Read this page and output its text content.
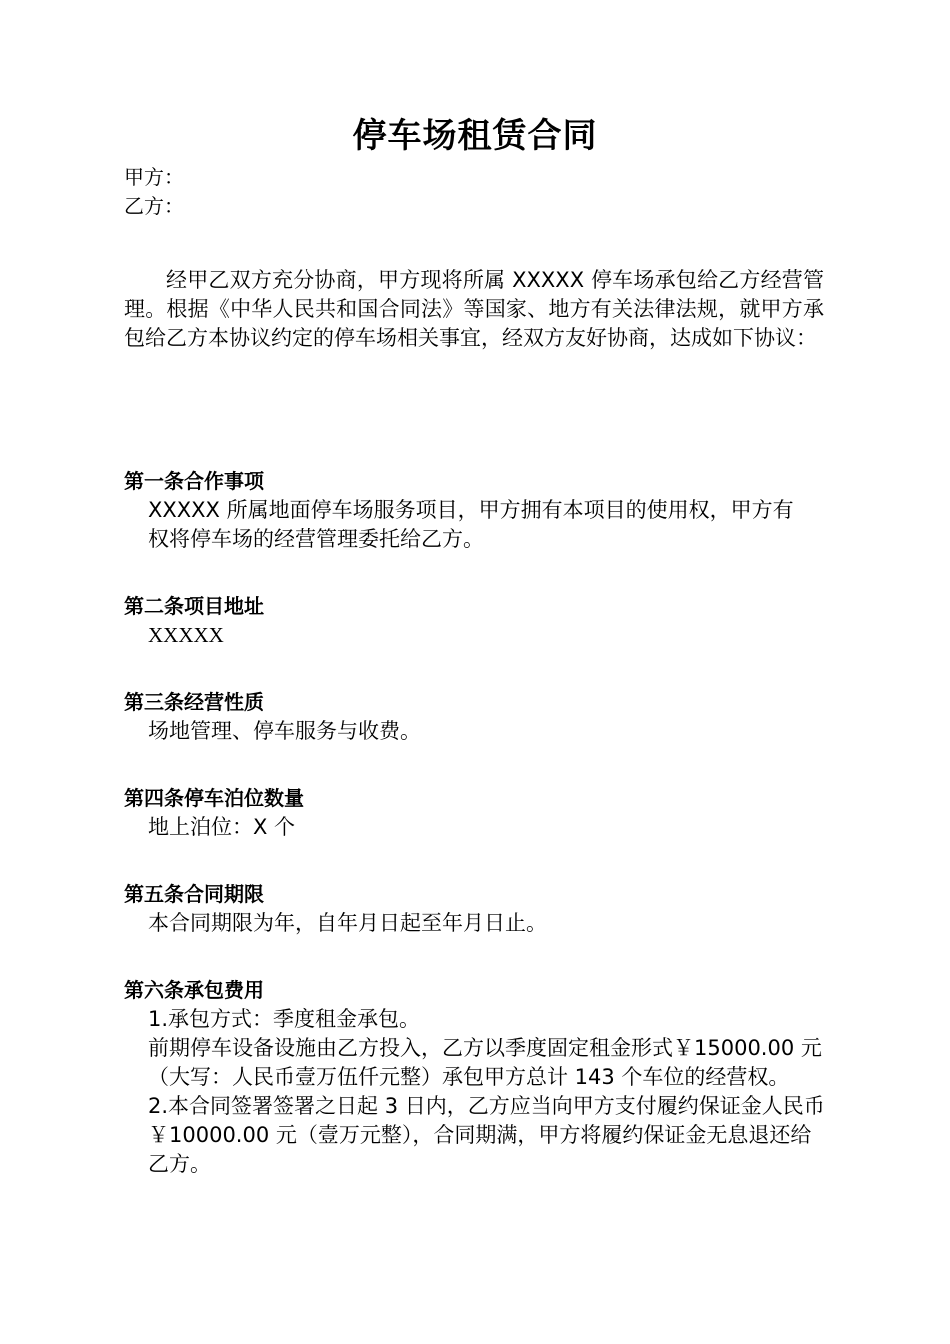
停车场租赁合同
甲方：
乙方：

经甲乙双方充分协商，甲方现将所属 XXXXX 停车场承包给乙方经营管理。根据《中华人民共和国合同法》等国家、地方有关法律法规，就甲方承包给乙方本协议约定的停车场相关事宜，经双方友好协商，达成如下协议：

第一条合作事项

XXXXX 所属地面停车场服务项目，甲方拥有本项目的使用权，甲方有

权将停车场的经营管理委托给乙方。

第二条项目地址

XXXXX

第三条经营性质

场地管理、停车服务与收费。

第四条停车泊位数量

地上泊位：X 个

第五条合同期限

本合同期限为年，自年月日起至年月日止。

第六条承包费用

1.承包方式：季度租金承包。

前期停车设备设施由乙方投入，乙方以季度固定租金形式￥15000.00 元

（大写：人民币壹万伍仟元整）承包甲方总计 143 个车位的经营权。

2.本合同签署签署之日起 3 日内，乙方应当向甲方支付履约保证金人民币

￥10000.00 元（壹万元整），合同期满，甲方将履约保证金无息退还给

乙方。
